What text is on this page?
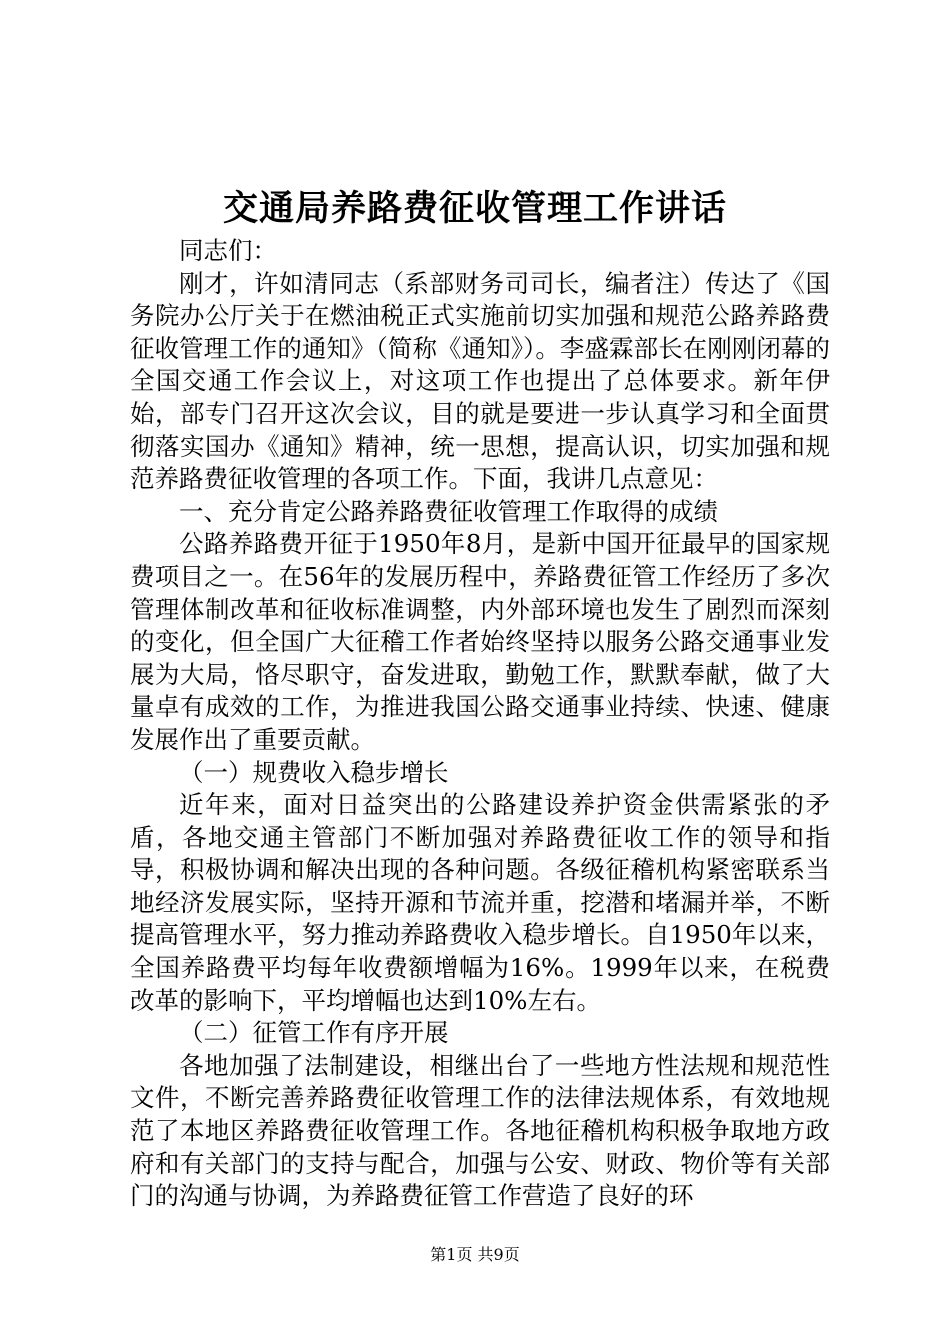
交通局养路费征收管理工作讲话

同志们：

刚才，许如清同志（系部财务司司长，编者注）传达了《国务院办公厅关于在燃油税正式实施前切实加强和规范公路养路费征收管理工作的通知》（简称《通知》）。李盛霖部长在刚刚闭幕的全国交通工作会议上，对这项工作也提出了总体要求。新年伊始，部专门召开这次会议，目的就是要进一步认真学习和全面贯彻落实国办《通知》精神，统一思想，提高认识，切实加强和规范养路费征收管理的各项工作。下面，我讲几点意见：

一、充分肯定公路养路费征收管理工作取得的成绩

公路养路费开征于1950年8月，是新中国开征最早的国家规费项目之一。在56年的发展历程中，养路费征管工作经历了多次管理体制改革和征收标准调整，内外部环境也发生了剧烈而深刻的变化，但全国广大征稽工作者始终坚持以服务公路交通事业发展为大局，恪尽职守，奋发进取，勤勉工作，默默奉献，做了大量卓有成效的工作，为推进我国公路交通事业持续、快速、健康发展作出了重要贡献。

（一）规费收入稳步增长

近年来，面对日益突出的公路建设养护资金供需紧张的矛盾，各地交通主管部门不断加强对养路费征收工作的领导和指导，积极协调和解决出现的各种问题。各级征稽机构紧密联系当地经济发展实际，坚持开源和节流并重，挖潜和堵漏并举，不断提高管理水平，努力推动养路费收入稳步增长。自1950年以来，全国养路费平均每年收费额增幅为16%。1999年以来，在税费改革的影响下，平均增幅也达到10%左右。

（二）征管工作有序开展

各地加强了法制建设，相继出台了一些地方性法规和规范性文件，不断完善养路费征收管理工作的法律法规体系，有效地规范了本地区养路费征收管理工作。各地征稽机构积极争取地方政府和有关部门的支持与配合，加强与公安、财政、物价等有关部门的沟通与协调，为养路费征管工作营造了良好的环

第1页 共9页
